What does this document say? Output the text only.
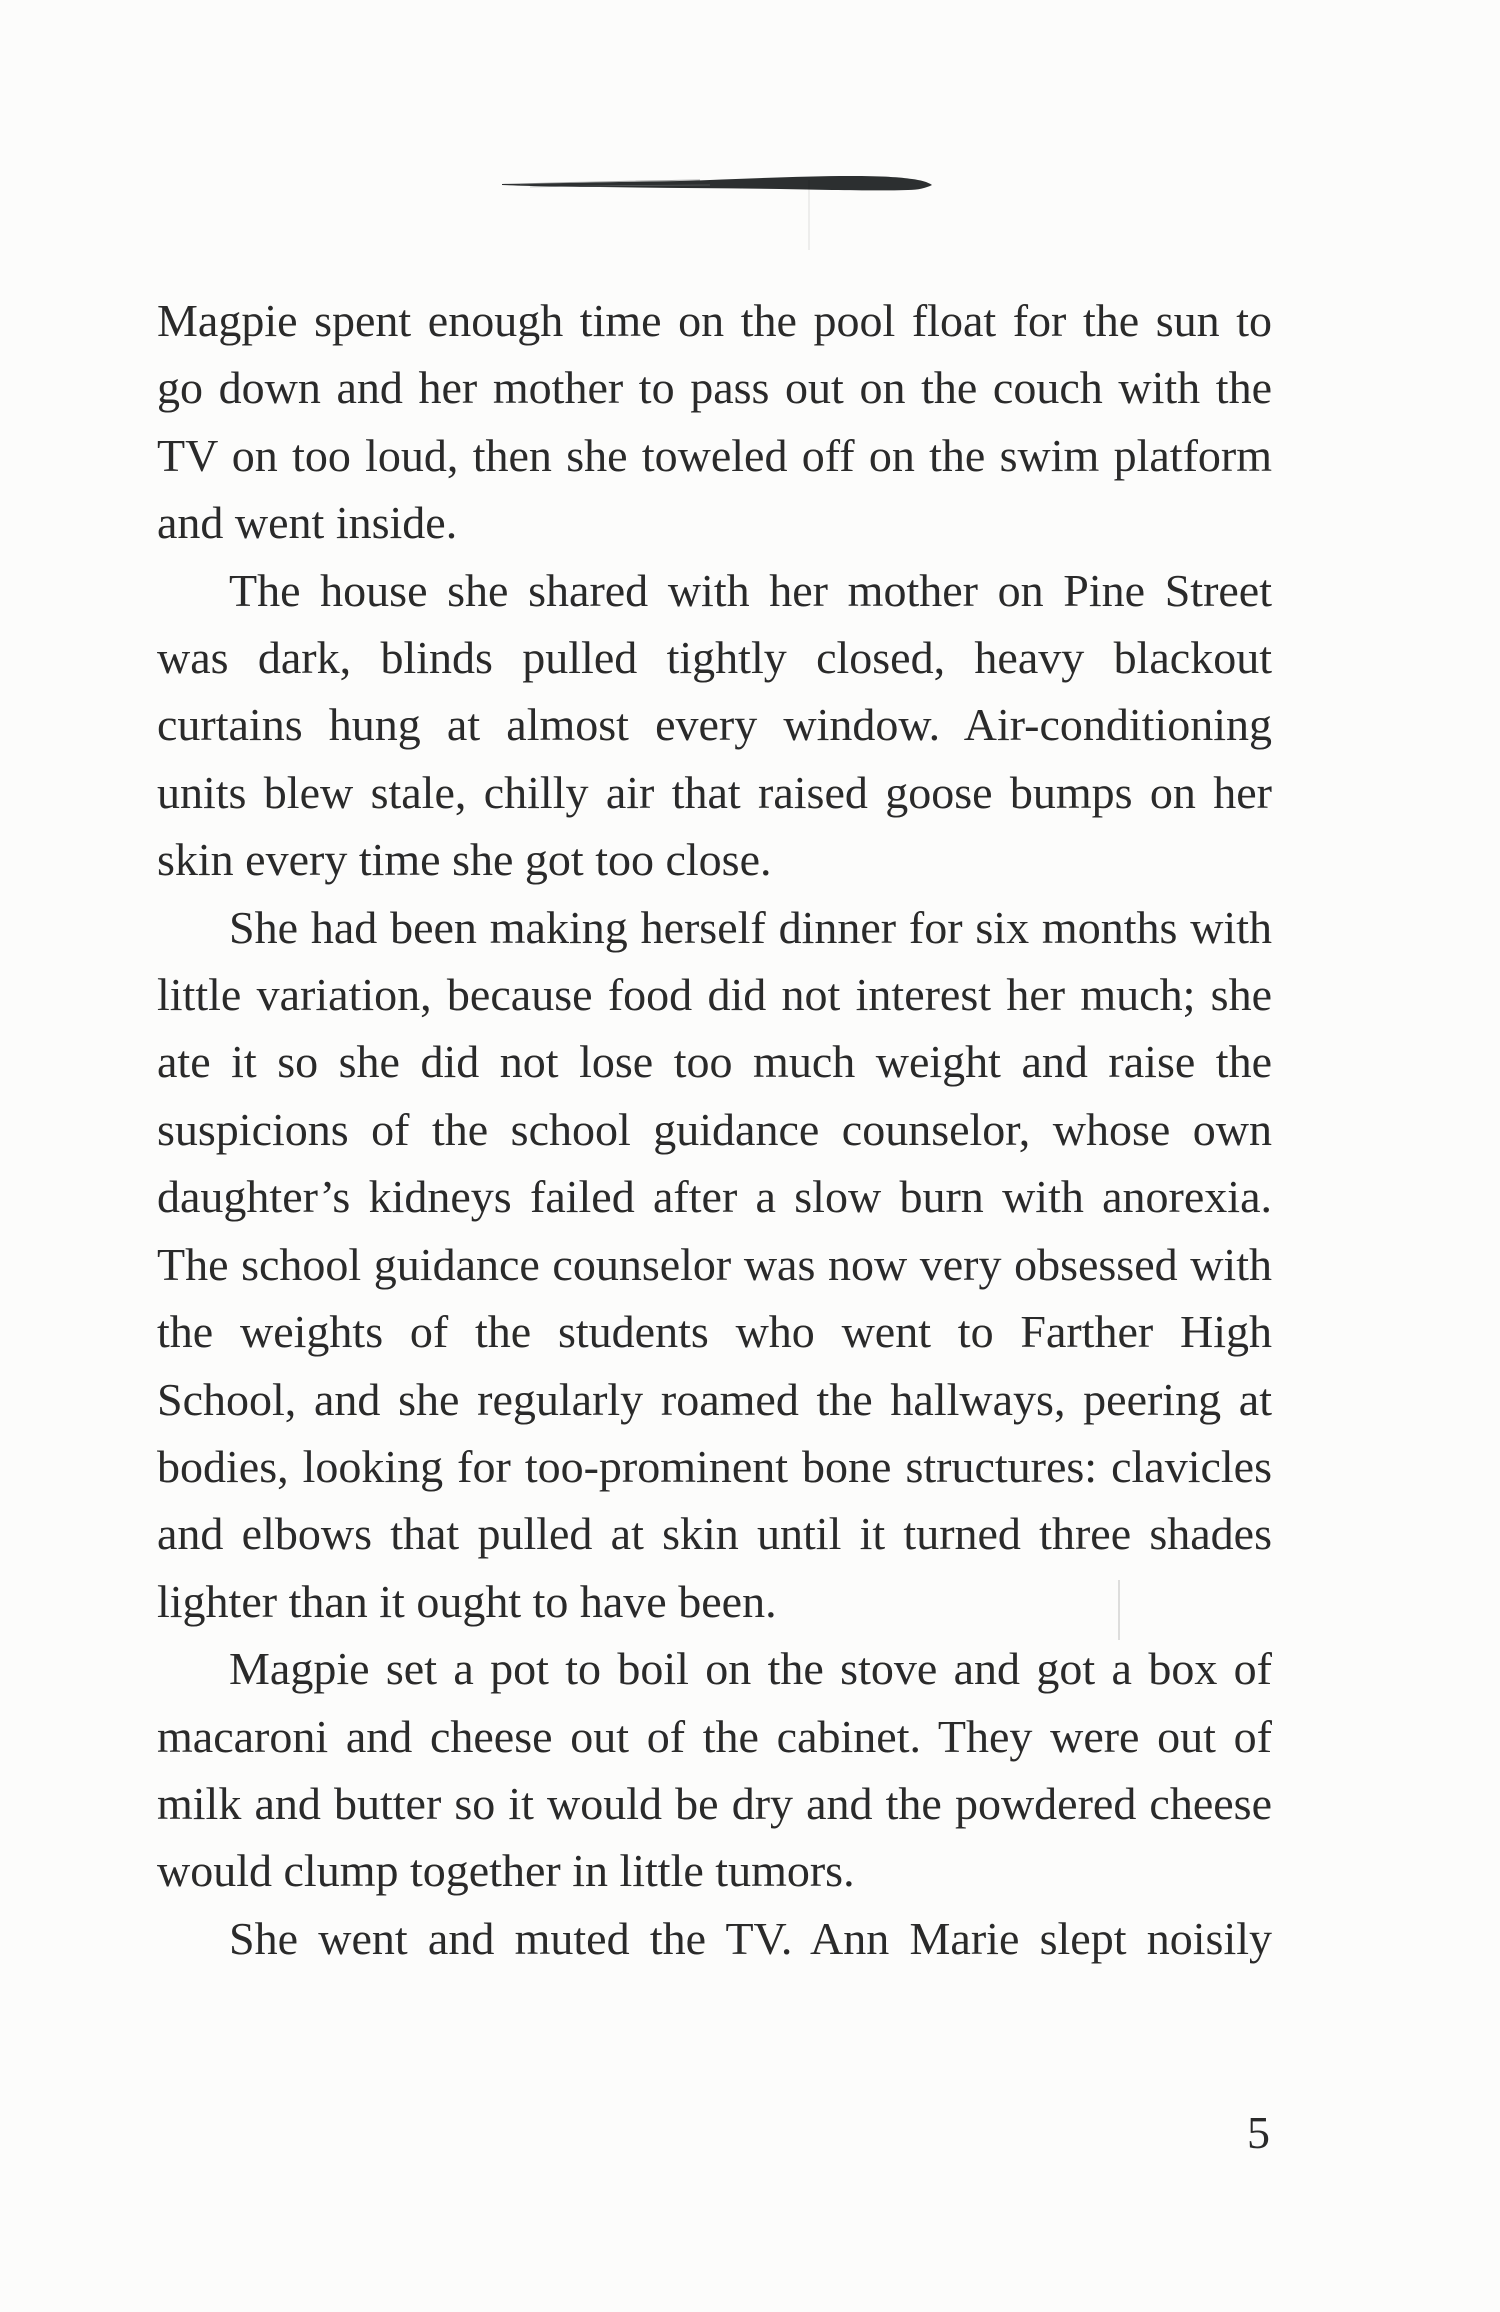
Magpie spent enough time on the pool float for the sun to go down and her mother to pass out on the couch with the TV on too loud, then she toweled off on the swim platform and went inside.

The house she shared with her mother on Pine Street was dark, blinds pulled tightly closed, heavy blackout curtains hung at almost every window. Air-conditioning units blew stale, chilly air that raised goose bumps on her skin every time she got too close.

She had been making herself dinner for six months with little variation, because food did not interest her much; she ate it so she did not lose too much weight and raise the suspicions of the school guidance counselor, whose own daughter’s kidneys failed after a slow burn with anorexia. The school guidance counselor was now very obsessed with the weights of the students who went to Farther High School, and she regularly roamed the hallways, peering at bodies, looking for too-prominent bone structures: clavicles and elbows that pulled at skin until it turned three shades lighter than it ought to have been.

Magpie set a pot to boil on the stove and got a box of macaroni and cheese out of the cabinet. They were out of milk and butter so it would be dry and the powdered cheese would clump together in little tumors.

She went and muted the TV. Ann Marie slept noisily

5
